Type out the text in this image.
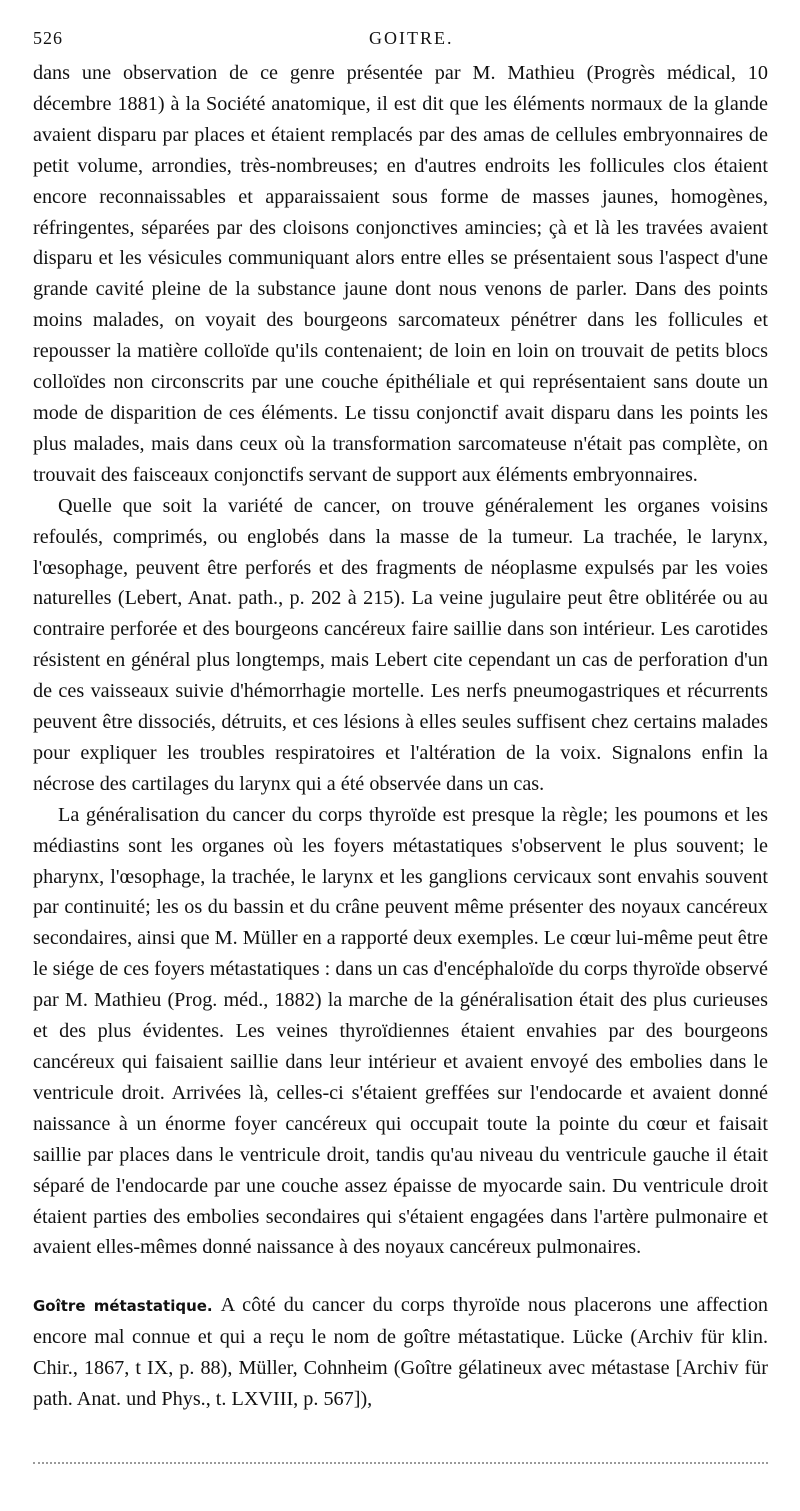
526	GOITRE.

dans une observation de ce genre présentée par M. Mathieu (Progrès médical, 10 décembre 1881) à la Société anatomique, il est dit que les éléments normaux de la glande avaient disparu par places et étaient remplacés par des amas de cellules embryonnaires de petit volume, arrondies, très-nombreuses; en d'autres endroits les follicules clos étaient encore reconnaissables et apparaissaient sous forme de masses jaunes, homogènes, réfringentes, séparées par des cloisons conjonctives amincies; çà et là les travées avaient disparu et les vésicules communiquant alors entre elles se présentaient sous l'aspect d'une grande cavité pleine de la substance jaune dont nous venons de parler. Dans des points moins malades, on voyait des bourgeons sarcomateux pénétrer dans les follicules et repousser la matière colloïde qu'ils contenaient; de loin en loin on trouvait de petits blocs colloïdes non circonscrits par une couche épithéliale et qui représentaient sans doute un mode de disparition de ces éléments. Le tissu conjonctif avait disparu dans les points les plus malades, mais dans ceux où la transformation sarcomateuse n'était pas complète, on trouvait des faisceaux conjonctifs servant de support aux éléments embryonnaires.

Quelle que soit la variété de cancer, on trouve généralement les organes voisins refoulés, comprimés, ou englobés dans la masse de la tumeur. La trachée, le larynx, l'œsophage, peuvent être perforés et des fragments de néoplasme expulsés par les voies naturelles (Lebert, Anat. path., p. 202 à 215). La veine jugulaire peut être oblitérée ou au contraire perforée et des bourgeons cancéreux faire saillie dans son intérieur. Les carotides résistent en général plus longtemps, mais Lebert cite cependant un cas de perforation d'un de ces vaisseaux suivie d'hémorrhagie mortelle. Les nerfs pneumogastriques et récurrents peuvent être dissociés, détruits, et ces lésions à elles seules suffisent chez certains malades pour expliquer les troubles respiratoires et l'altération de la voix. Signalons enfin la nécrose des cartilages du larynx qui a été observée dans un cas.

La généralisation du cancer du corps thyroïde est presque la règle; les poumons et les médiastins sont les organes où les foyers métastatiques s'observent le plus souvent; le pharynx, l'œsophage, la trachée, le larynx et les ganglions cervicaux sont envahis souvent par continuité; les os du bassin et du crâne peuvent même présenter des noyaux cancéreux secondaires, ainsi que M. Müller en a rapporté deux exemples. Le cœur lui-même peut être le siége de ces foyers métastatiques : dans un cas d'encéphaloïde du corps thyroïde observé par M. Mathieu (Prog. méd., 1882) la marche de la généralisation était des plus curieuses et des plus évidentes. Les veines thyroïdiennes étaient envahies par des bourgeons cancéreux qui faisaient saillie dans leur intérieur et avaient envoyé des embolies dans le ventricule droit. Arrivées là, celles-ci s'étaient greffées sur l'endocarde et avaient donné naissance à un énorme foyer cancéreux qui occupait toute la pointe du cœur et faisait saillie par places dans le ventricule droit, tandis qu'au niveau du ventricule gauche il était séparé de l'endocarde par une couche assez épaisse de myocarde sain. Du ventricule droit étaient parties des embolies secondaires qui s'étaient engagées dans l'artère pulmonaire et avaient elles-mêmes donné naissance à des noyaux cancéreux pulmonaires.

Goître métastatique. A côté du cancer du corps thyroïde nous placerons une affection encore mal connue et qui a reçu le nom de goître métastatique. Lücke (Archiv für klin. Chir., 1867, t IX, p. 88), Müller, Cohnheim (Goître gélatineux avec métastase [Archiv für path. Anat. und Phys., t. LXVIII, p. 567]),
